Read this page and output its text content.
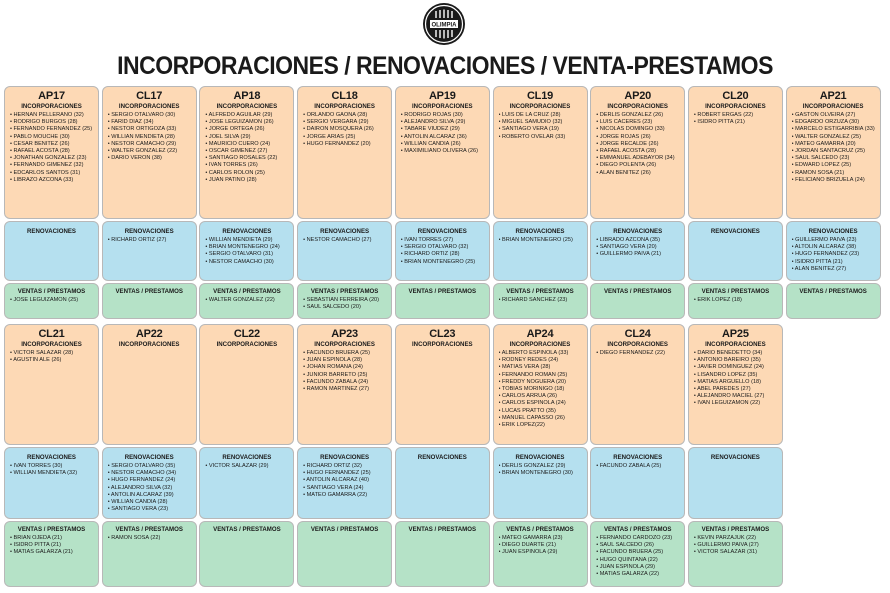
OLIMPIA
INCORPORACIONES / RENOVACIONES / VENTA-PRESTAMOS
AP17
INCORPORACIONES
• HERNÁN PELLERANO (32)
• RODRIGO BURGOS (28)
• FERNANDO FERNÁNDEZ (25)
• PABLO MOUCHE (30)
• CÉSAR BENÍTEZ (26)
• RAFAEL ACOSTA (28)
• JONATHAN GONZÁLEZ (23)
• FERNANDO GIMENEZ (32)
• EDCARLOS SANTOS (31)
• LIBRAZO AZCONA (33)
RENOVACIONES
VENTAS / PRESTAMOS
• JOSÉ LEGUIZAMON (25)
CL17
INCORPORACIONES
• SERGIO OTALVARO (30)
• FARID DÍAZ (34)
• NÉSTOR ORTIGOZA (33)
• WILLIAN MENDIETA (28)
• NÉSTOR CAMACHO (29)
• WALTER GONZÁLEZ (22)
• DARÍO VERÓN (38)
RENOVACIONES
• RICHARD ORTIZ (27)
VENTAS / PRESTAMOS
AP18
INCORPORACIONES
• ALFREDO AGUILAR (29)
• JOSÉ LEGUIZAMON (26)
• JORGE ORTEGA (26)
• JOEL SILVA (29)
• MAURICIO CUERO (24)
• ÓSCAR GIMENEZ (27)
• SANTIAGO ROSALES (22)
• IVAN TORRES (26)
• CARLOS ROLÓN (25)
• JUAN PATIÑO (28)
RENOVACIONES
• WILLIAN MENDIETA (29)
• BRIAN MONTENEGRO (24)
• SERGIO OTALVARO (31)
• NÉSTOR CAMACHO (30)
VENTAS / PRESTAMOS
• WALTER GONZÁLEZ (22)
CL18
INCORPORACIONES
• ORLANDO GAONA (28)
• SERGIO VERGARA (29)
• DAIRON MOSQUERA (26)
• JORGE ARIAS (25)
• HUGO FERNÁNDEZ (20)
RENOVACIONES
• NÉSTOR CAMACHO (27)
VENTAS / PRESTAMOS
• SEBASTIAN FERREIRA (20)
• SAÚL SALCEDO (20)
AP19
INCORPORACIONES
• RODRIGO ROJAS (30)
• ALEJANDRO SILVA (29)
• TABARÉ VIUDEZ (29)
• ANTOLÍN ALCARAZ (36)
• WILLIAN CANDIA (26)
• MAXIMILIANO OLIVERA (26)
RENOVACIONES
• IVAN TORRES (27)
• SERGIO OTALVARO (32)
• RICHARD ORTIZ (28)
• BRIAN MONTENEGRO (25)
VENTAS / PRESTAMOS
CL19
INCORPORACIONES
• LUIS DE LA CRUZ (28)
• MIGUEL SAMUDIO (32)
• SANTIAGO VERA (19)
• ROBERTO OVELAR (33)
RENOVACIONES
• BRIAN MONTENEGRO (25)
VENTAS / PRESTAMOS
• RICHARD SÁNCHEZ (23)
AP20
INCORPORACIONES
• DERLIS GONZÁLEZ (26)
• LUIS CÁCERES (23)
• NICOLÁS DOMINGO (33)
• JORGE ROJAS (26)
• JORGE RECALDE (26)
• RAFAEL ACOSTA (28)
• EMMANUEL ADEBAYOR (34)
• DIEGO POLENTA (26)
• ALAN BENÍTEZ (26)
RENOVACIONES
• LIBRADO AZCONA (35)
• SANTIAGO VERA (20)
• GUILLERMO PAIVA (21)
VENTAS / PRESTAMOS
CL20
INCORPORACIONES
• ROBERT ERGAS (22)
• ISIDRO PITTA (21)
RENOVACIONES
VENTAS / PRESTAMOS
• ERIK LÓPEZ (18)
AP21
INCORPORACIONES
• GASTÓN OLVEIRA (27)
• EDGARDO ORZUZA (30)
• MARCELO ESTIGARRIBIA (33)
• WALTER GONZÁLEZ (25)
• MATEO GAMARRA (20)
• JORDAN SANTACRUZ (25)
• SAÚL SALCEDO (23)
• EDWARD LÓPEZ (25)
• RAMÓN SOSA (21)
• FELICIANO BRIZUELA (24)
RENOVACIONES
• GUILLERMO PAIVA (23)
• ALTOLÍN ALCARAZ (38)
• HUGO FERNÁNDEZ (23)
• ISIDRO PITTA (21)
• ALAN BENÍTEZ (27)
VENTAS / PRESTAMOS
CL21
INCORPORACIONES
• VÍCTOR SALAZAR (28)
• AGUSTÍN ALE (26)
RENOVACIONES
• IVAN TORRES (30)
• WILLIAN MENDIETA (32)
VENTAS / PRESTAMOS
• BRIAN OJEDA (21)
• ISIDRO PITTA (21)
• MATÍAS GALARZA (21)
AP22
INCORPORACIONES
RENOVACIONES
• SERGIO OTALVARO (35)
• NÉSTOR CAMACHO (34)
• HUGO FERNÁNDEZ (24)
• ALEJANDRO SILVA (32)
• ANTOLÍN ALCARAZ (39)
• WILLIAN CANDIA (28)
• SANTIAGO VERA (23)
VENTAS / PRESTAMOS
• RAMÓN SOSA (22)
CL22
INCORPORACIONES
RENOVACIONES
• VÍCTOR SALAZAR (29)
VENTAS / PRESTAMOS
AP23
INCORPORACIONES
• FACUNDO BRUERA (25)
• JUAN ESPÍNOLA (28)
• JOHAN ROMANA (24)
• JUNIOR BARRETO (25)
• FACUNDO ZABALA (24)
• RAMÓN MARTÍNEZ (27)
RENOVACIONES
• RICHARD ORTIZ (32)
• HUGO FERNÁNDEZ (25)
• ANTOLÍN ALCARAZ (40)
• SANTIAGO VERA (24)
• MATEO GAMARRA (22)
VENTAS / PRESTAMOS
CL23
INCORPORACIONES
RENOVACIONES
VENTAS / PRESTAMOS
AP24
INCORPORACIONES
• ALBERTO ESPÍNOLA (33)
• RODNEY REDES (24)
• MATÍAS VERA (28)
• FERNANDO ROMÁN (25)
• FREDDY NOGUERA (20)
• TOBÍAS MORINIGO (18)
• CARLOS ARRÚA (26)
• CARLOS ESPÍNOLA (24)
• LUCAS PRATTO (35)
• MANUEL CAPASSO (26)
• ERIK LÓPEZ(22)
RENOVACIONES
• DERLIS GONZÁLEZ (29)
• BRIAN MONTENEGRO (30)
VENTAS / PRESTAMOS
• MATEO GAMARRA (23)
• DIEGO DUARTE (21)
• JUAN ESPÍNOLA (29)
CL24
INCORPORACIONES
• DIEGO FERNÁNDEZ (22)
RENOVACIONES
• FACUNDO ZABALA (25)
VENTAS / PRESTAMOS
• FERNANDO CARDOZO (23)
• SAÚL SALCEDO (26)
• FACUNDO BRUERA (25)
• HUGO QUINTANA (22)
• JUAN ESPÍNOLA (29)
• MATÍAS GALARZA (22)
AP25
INCORPORACIONES
• DARÍO BENEDETTO (34)
• ANTONIO BAREIRO (35)
• JAVIER DOMÍNGUEZ (24)
• LISANDRO LÓPEZ (35)
• MATÍAS ARGÜELLO (18)
• ABEL PAREDES (27)
• ALEJANDRO MACIEL (27)
• IVAN LEGUIZAMÓN (22)
RENOVACIONES
VENTAS / PRESTAMOS
• KEVIN PARZAJUK (22)
• GUILLERMO PAIVA (27)
• VÍCTOR SALAZAR (31)
